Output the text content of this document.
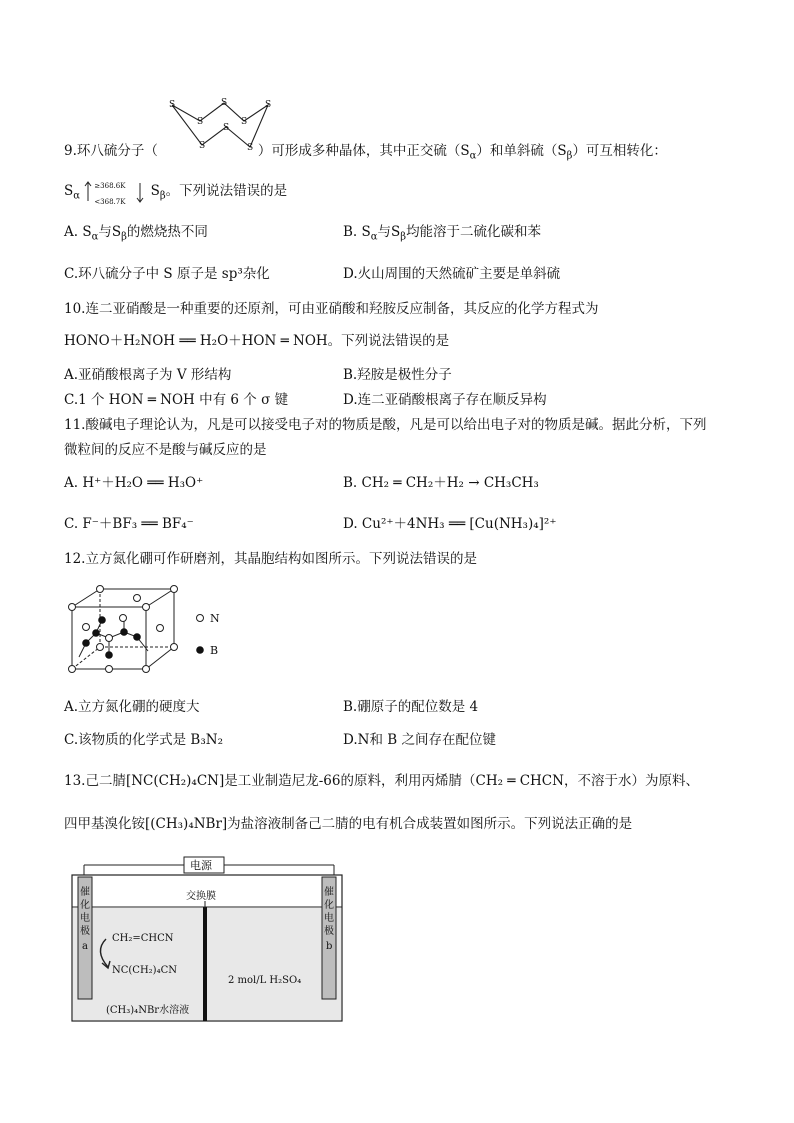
S
S
S
S
S
S
S
S
9.环八硫分子（	）可形成多种晶体，其中正交硫$(S_\alpha)$和单斜硫$(S_\beta)$可互相转化：
$S_\alpha$
≥368.6K
<368.7K
$S_\beta$。下列说法错误的是
A. $S_\alpha$与$S_\beta$的燃烧热不同	B. $S_\alpha$与$S_\beta$均能溶于二硫化碳和苯
C.环八硫分子中 S 原子是 sp³杂化	D.火山周围的天然硫矿主要是单斜硫
10.连二亚硝酸是一种重要的还原剂，可由亚硝酸和羟胺反应制备，其反应的化学方程式为
HONO＋H₂NOH ══ H₂O＋HON ═ NOH。下列说法错误的是
A.亚硝酸根离子为 V 形结构	B.羟胺是极性分子
C.1 个 HON ═ NOH 中有 6 个 σ 键	D.连二亚硝酸根离子存在顺反异构
11.酸碱电子理论认为，凡是可以接受电子对的物质是酸，凡是可以给出电子对的物质是碱。据此分析，下列
微粒间的反应不是酸与碱反应的是
A. H⁺＋H₂O ══ H₃O⁺	B. CH₂ ═ CH₂＋H₂ → CH₃CH₃
C. F⁻＋BF₃ ══ BF₄⁻	D. Cu²⁺＋4NH₃ ══ [Cu(NH₃)₄]²⁺
12.立方氮化硼可作研磨剂，其晶胞结构如图所示。下列说法错误的是
N
B
A.立方氮化硼的硬度大	B.硼原子的配位数是 4
C.该物质的化学式是 B₃N₂	D.N和 B 之间存在配位键
13.己二腈[NC(CH₂)₄CN]是工业制造尼龙-66的原料，利用丙烯腈（CH₂ ═ CHCN，不溶于水）为原料、
四甲基溴化铵[(CH₃)₄NBr]为盐溶液制备己二腈的电有机合成装置如图所示。下列说法正确的是
电源
交换膜
催化电极 a
催化电极 b
CH₂=CHCN
NC(CH₂)₄CN
(CH₃)₄NBr水溶液
2 mol/L H₂SO₄
